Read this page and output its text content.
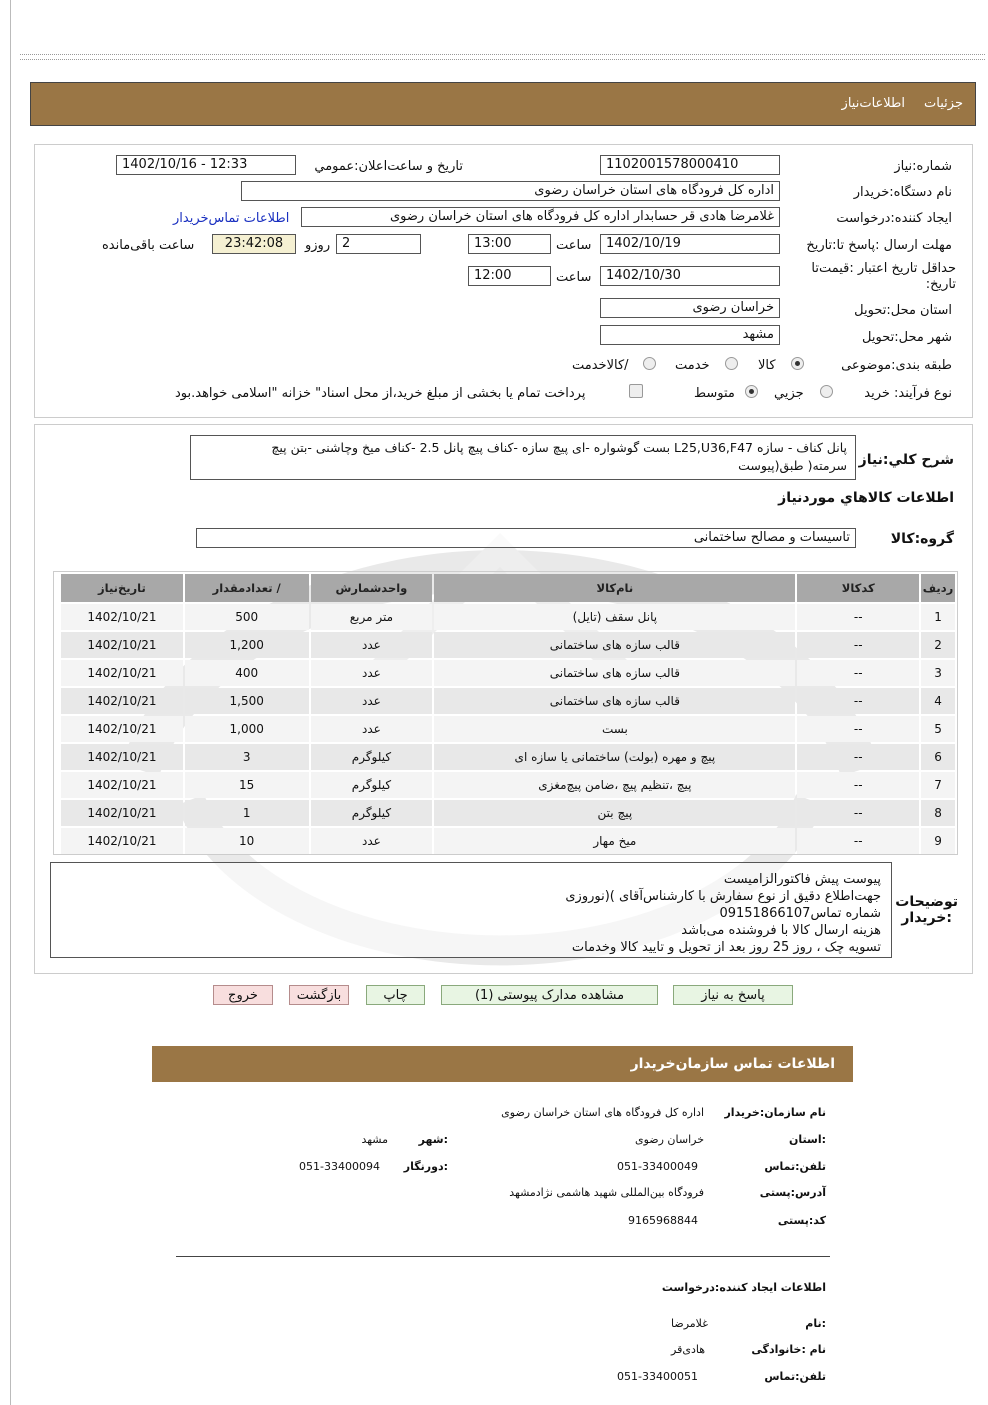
جزئیات
اطلاعات‌نیاز
شماره:نیاز
1102001578000410
تاریخ و ساعت‌اعلان:عمومي
1402/10/16 - 12:33
نام دستگاه:خریدار
اداره کل فرودگاه های استان خراسان رضوی
ایجاد کننده:درخواست
غلامرضا هادی قر حسابدار اداره کل فرودگاه های استان خراسان رضوی
اطلاعات تماس‌خریدار
مهلت ارسال :پاسخ تا:تاریخ
1402/10/19
ساعت
13:00
2
روزو
23:42:08
ساعت باقی‌مانده
حداقل تاریخ اعتبار :قیمت‌تا تاریخ:
1402/10/30
ساعت
12:00
استان محل:تحویل
خراسان رضوی
شهر محل:تحویل
مشهد
طبقه بندی:موضوعی
کالا
خدمت
/کالاخدمت
نوع فرآیند: خرید
جزيي
متوسط
پرداخت تمام یا بخشی از مبلغ خرید،از محل اسناد" خزانه "اسلامی خواهد.بود
شرح کلي:نیاز
پانل کناف - سازه L25,U36,F47 بست گوشواره -ای پیچ سازه -کناف پیچ پانل 2.5 -کناف میخ وچاشنی -بتن پیچ
سرمته( طبق(پیوست
اطلاعات کالاهاي مورد‌نیاز
گروه:کالا
تاسیسات و مصالح ساختمانی
ردیف	کدکالا	نام‌کالا	واحد‌شمارش	/ تعداد‌مقدار	تاریخ‌نیاز
1	--	پانل سقف (تایل)	متر مربع	500	1402/10/21
2	--	قالب سازه های ساختمانی	عدد	1,200	1402/10/21
3	--	قالب سازه های ساختمانی	عدد	400	1402/10/21
4	--	قالب سازه های ساختمانی	عدد	1,500	1402/10/21
5	--	بست	عدد	1,000	1402/10/21
6	--	پیچ و مهره (بولت) ساختمانی یا سازه ای	کیلوگرم	3	1402/10/21
7	--	پیچ ،تنظیم پیچ ،ضامن پیچ‌مغزی	کیلوگرم	15	1402/10/21
8	--	پیچ بتن	کیلوگرم	1	1402/10/21
9	--	میخ مهار	عدد	10	1402/10/21
پیوست پیش فاکتورالزامیست
جهت‌اطلاع دقیق از نوع سفارش با کارشناس‌آقای )(نوروزی
شماره تماس09151866107
هزینه ارسال کالا با فروشنده می‌باشد
تسویه چک ، روز 25 روز بعد از تحویل و تایید کالا وخدمات
توضیحات
:خریدار
پاسخ به نیاز
مشاهده مدارک پیوستی (1)
چاپ
بازگشت
خروج
اطلاعات تماس سازمان‌خریدار
نام سازمان:خریدار
اداره کل فرودگاه های استان خراسان رضوی
:استان
خراسان رضوی
:شهر
مشهد
تلفن:تماس
051-33400049
:دورنگار
051-33400094
آدرس:پستی
فرودگاه بین‌المللی شهید هاشمی نژادمشهد
کد:پستی
9165968844
اطلاعات ایجاد کننده:درخواست
:نام
غلامرضا
نام :خانوادگی
هادی‌قر
تلفن:تماس
051-33400051
